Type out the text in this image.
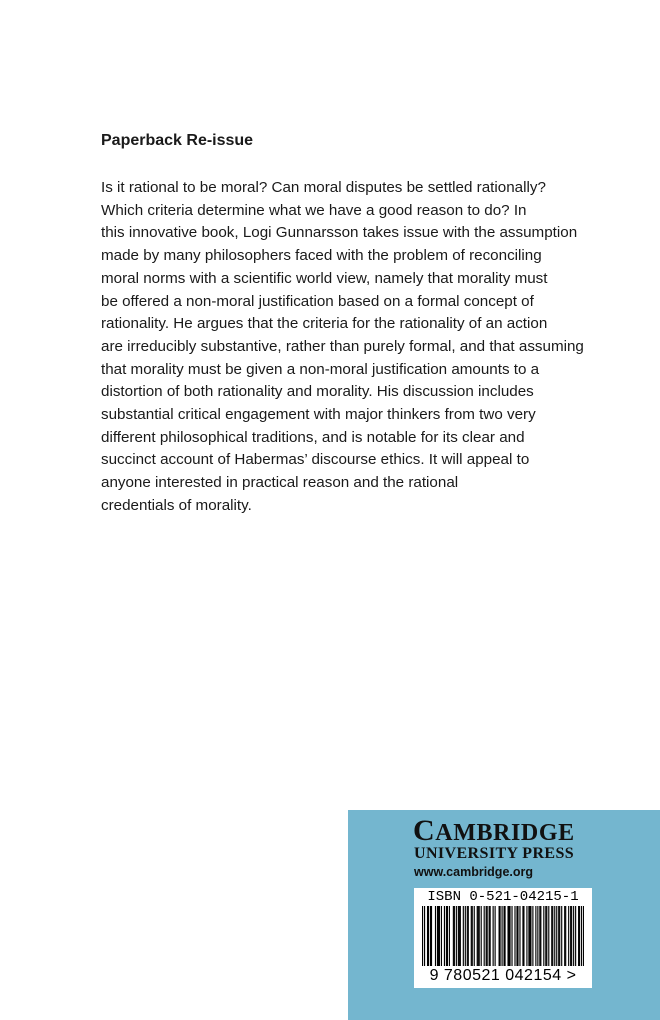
Paperback Re-issue

Is it rational to be moral? Can moral disputes be settled rationally?
Which criteria determine what we have a good reason to do? In
this innovative book, Logi Gunnarsson takes issue with the assumption
made by many philosophers faced with the problem of reconciling
moral norms with a scientific world view, namely that morality must
be offered a non-moral justification based on a formal concept of
rationality. He argues that the criteria for the rationality of an action
are irreducibly substantive, rather than purely formal, and that assuming
that morality must be given a non-moral justification amounts to a
distortion of both rationality and morality. His discussion includes
substantial critical engagement with major thinkers from two very
different philosophical traditions, and is notable for its clear and
succinct account of Habermas’ discourse ethics. It will appeal to
anyone interested in practical reason and the rational
credentials of morality.

CAMBRIDGE
UNIVERSITY PRESS
www.cambridge.org
ISBN 0-521-04215-1
9 780521 042154 >
